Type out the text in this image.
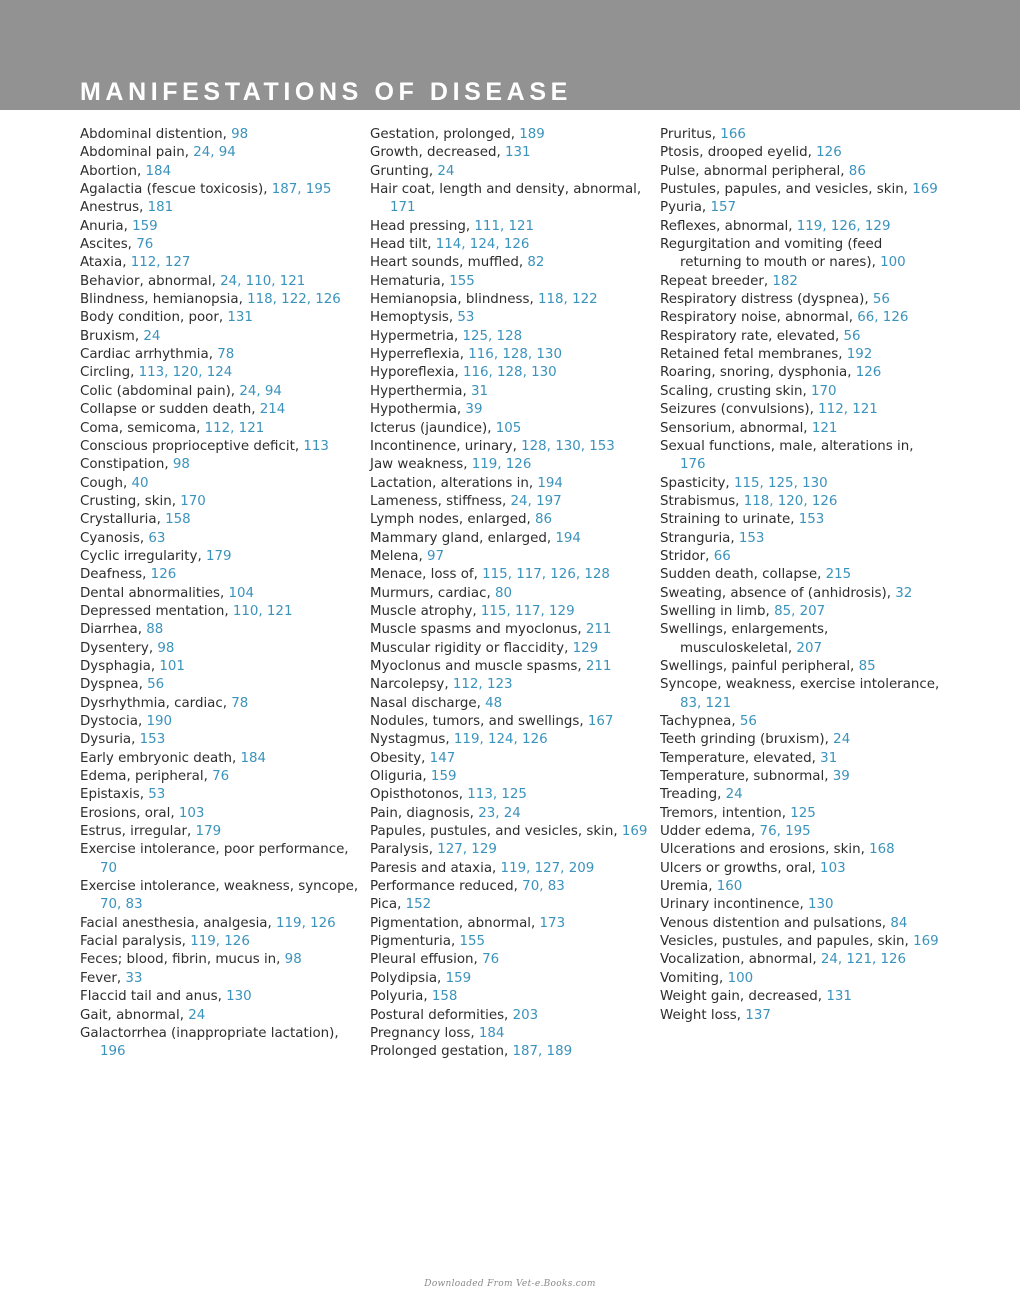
MANIFESTATIONS OF DISEASE

Abdominal distention, 98

Abdominal pain, 24, 94

Abortion, 184

Agalactia (fescue toxicosis), 187, 195

Anestrus, 181

Anuria, 159

Ascites, 76

Ataxia, 112, 127

Behavior, abnormal, 24, 110, 121

Blindness, hemianopsia, 118, 122, 126

Body condition, poor, 131

Bruxism, 24

Cardiac arrhythmia, 78

Circling, 113, 120, 124

Colic (abdominal pain), 24, 94

Collapse or sudden death, 214

Coma, semicoma, 112, 121

Conscious proprioceptive deficit, 113

Constipation, 98

Cough, 40

Crusting, skin, 170

Crystalluria, 158

Cyanosis, 63

Cyclic irregularity, 179

Deafness, 126

Dental abnormalities, 104

Depressed mentation, 110, 121

Diarrhea, 88

Dysentery, 98

Dysphagia, 101

Dyspnea, 56

Dysrhythmia, cardiac, 78

Dystocia, 190

Dysuria, 153

Early embryonic death, 184

Edema, peripheral, 76

Epistaxis, 53

Erosions, oral, 103

Estrus, irregular, 179

Exercise intolerance, poor performance, 70

Exercise intolerance, weakness, syncope, 70, 83

Facial anesthesia, analgesia, 119, 126

Facial paralysis, 119, 126

Feces; blood, fibrin, mucus in, 98

Fever, 33

Flaccid tail and anus, 130

Gait, abnormal, 24

Galactorrhea (inappropriate lactation), 196

Gestation, prolonged, 189

Growth, decreased, 131

Grunting, 24

Hair coat, length and density, abnormal, 171

Head pressing, 111, 121

Head tilt, 114, 124, 126

Heart sounds, muffled, 82

Hematuria, 155

Hemianopsia, blindness, 118, 122

Hemoptysis, 53

Hypermetria, 125, 128

Hyperreflexia, 116, 128, 130

Hyporeflexia, 116, 128, 130

Hyperthermia, 31

Hypothermia, 39

Icterus (jaundice), 105

Incontinence, urinary, 128, 130, 153

Jaw weakness, 119, 126

Lactation, alterations in, 194

Lameness, stiffness, 24, 197

Lymph nodes, enlarged, 86

Mammary gland, enlarged, 194

Melena, 97

Menace, loss of, 115, 117, 126, 128

Murmurs, cardiac, 80

Muscle atrophy, 115, 117, 129

Muscle spasms and myoclonus, 211

Muscular rigidity or flaccidity, 129

Myoclonus and muscle spasms, 211

Narcolepsy, 112, 123

Nasal discharge, 48

Nodules, tumors, and swellings, 167

Nystagmus, 119, 124, 126

Obesity, 147

Oliguria, 159

Opisthotonos, 113, 125

Pain, diagnosis, 23, 24

Papules, pustules, and vesicles, skin, 169

Paralysis, 127, 129

Paresis and ataxia, 119, 127, 209

Performance reduced, 70, 83

Pica, 152

Pigmentation, abnormal, 173

Pigmenturia, 155

Pleural effusion, 76

Polydipsia, 159

Polyuria, 158

Postural deformities, 203

Pregnancy loss, 184

Prolonged gestation, 187, 189

Pruritus, 166

Ptosis, drooped eyelid, 126

Pulse, abnormal peripheral, 86

Pustules, papules, and vesicles, skin, 169

Pyuria, 157

Reflexes, abnormal, 119, 126, 129

Regurgitation and vomiting (feed returning to mouth or nares), 100

Repeat breeder, 182

Respiratory distress (dyspnea), 56

Respiratory noise, abnormal, 66, 126

Respiratory rate, elevated, 56

Retained fetal membranes, 192

Roaring, snoring, dysphonia, 126

Scaling, crusting skin, 170

Seizures (convulsions), 112, 121

Sensorium, abnormal, 121

Sexual functions, male, alterations in, 176

Spasticity, 115, 125, 130

Strabismus, 118, 120, 126

Straining to urinate, 153

Stranguria, 153

Stridor, 66

Sudden death, collapse, 215

Sweating, absence of (anhidrosis), 32

Swelling in limb, 85, 207

Swellings, enlargements, musculoskeletal, 207

Swellings, painful peripheral, 85

Syncope, weakness, exercise intolerance, 83, 121

Tachypnea, 56

Teeth grinding (bruxism), 24

Temperature, elevated, 31

Temperature, subnormal, 39

Treading, 24

Tremors, intention, 125

Udder edema, 76, 195

Ulcerations and erosions, skin, 168

Ulcers or growths, oral, 103

Uremia, 160

Urinary incontinence, 130

Venous distention and pulsations, 84

Vesicles, pustules, and papules, skin, 169

Vocalization, abnormal, 24, 121, 126

Vomiting, 100

Weight gain, decreased, 131

Weight loss, 137

Downloaded From Vet-e.Books.com
